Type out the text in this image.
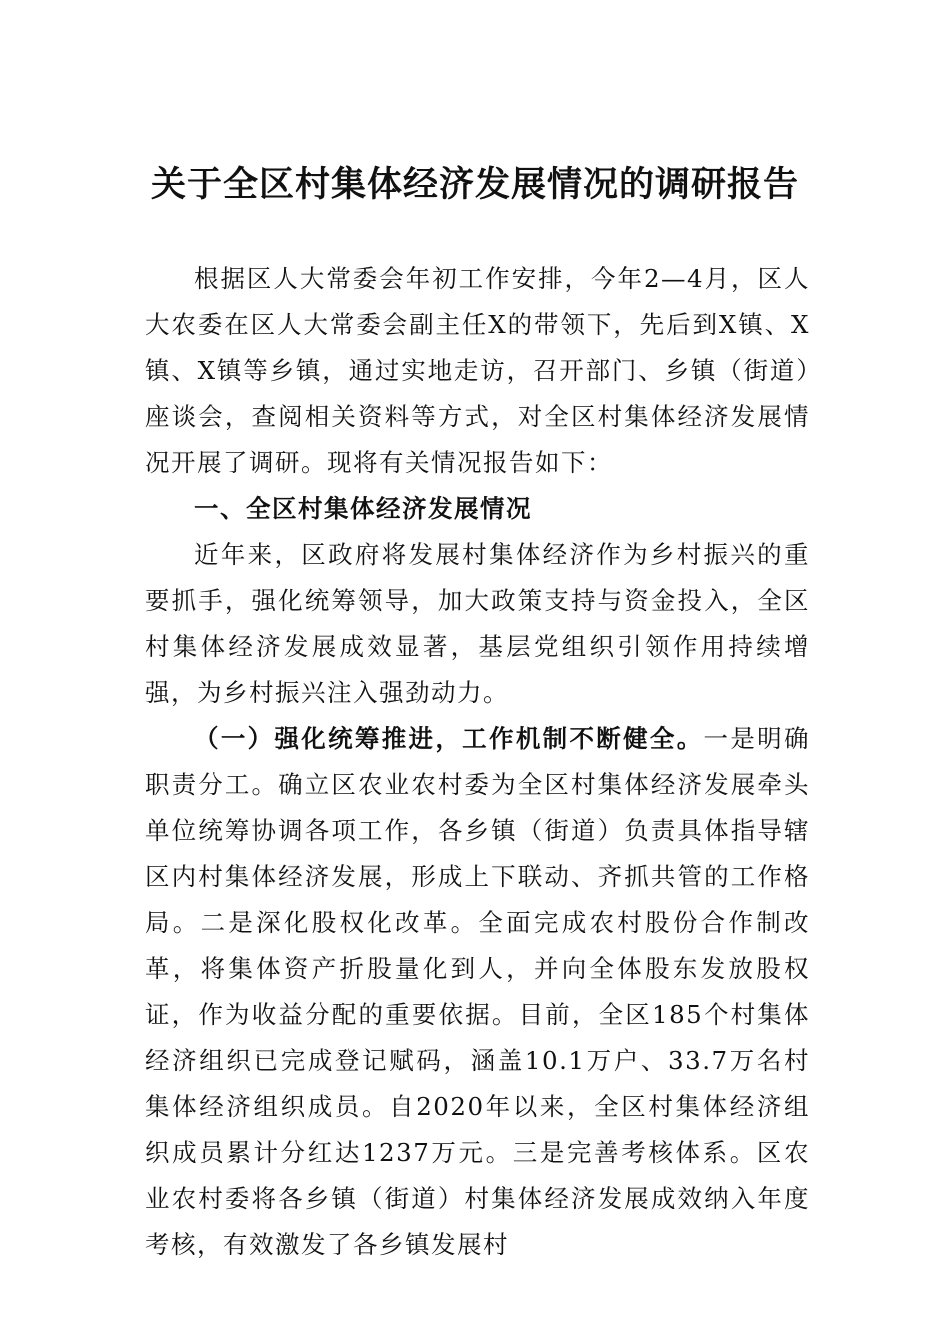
关于全区村集体经济发展情况的调研报告

根据区人大常委会年初工作安排，今年2—4月，区人大农委在区人大常委会副主任X的带领下，先后到X镇、X镇、X镇等乡镇，通过实地走访，召开部门、乡镇（街道）座谈会，查阅相关资料等方式，对全区村集体经济发展情况开展了调研。现将有关情况报告如下：

一、全区村集体经济发展情况

近年来，区政府将发展村集体经济作为乡村振兴的重要抓手，强化统筹领导，加大政策支持与资金投入，全区村集体经济发展成效显著，基层党组织引领作用持续增强，为乡村振兴注入强劲动力。

（一）强化统筹推进，工作机制不断健全。一是明确职责分工。确立区农业农村委为全区村集体经济发展牵头单位统筹协调各项工作，各乡镇（街道）负责具体指导辖区内村集体经济发展，形成上下联动、齐抓共管的工作格局。二是深化股权化改革。全面完成农村股份合作制改革，将集体资产折股量化到人，并向全体股东发放股权证，作为收益分配的重要依据。目前，全区185个村集体经济组织已完成登记赋码，涵盖10.1万户、33.7万名村集体经济组织成员。自2020年以来，全区村集体经济组织成员累计分红达1237万元。三是完善考核体系。区农业农村委将各乡镇（街道）村集体经济发展成效纳入年度考核，有效激发了各乡镇发展村
